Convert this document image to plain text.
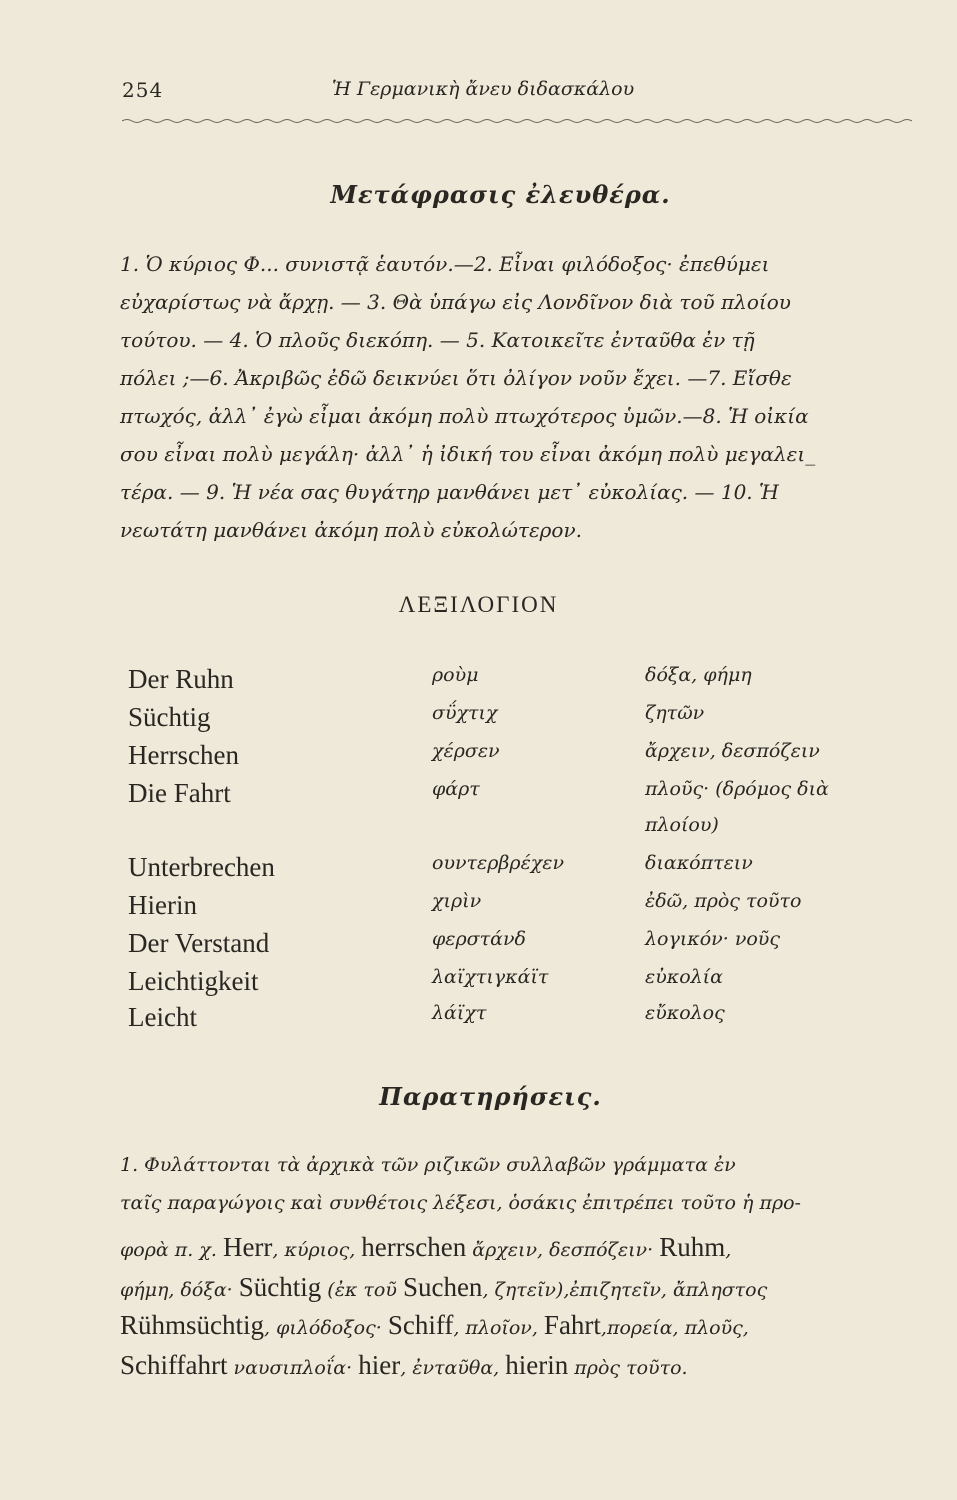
254	Ἡ Γερμανικὴ ἄνευ διδασκάλου
Μετάφρασις ἐλευθέρα.
1. Ὁ κύριος Φ... συνιστᾷ ἑαυτόν.—2. Εἶναι φιλόδοξος· ἐπεθύμει
εὐχαρίστως νὰ ἄρχῃ. — 3. Θὰ ὑπάγω εἰς Λονδῖνον διὰ τοῦ πλοίου
τούτου. — 4. Ὁ πλοῦς διεκόπη. — 5. Κατοικεῖτε ἐνταῦθα ἐν τῇ
πόλει ;—6. Ἀκριβῶς ἐδῶ δεικνύει ὅτι ὀλίγον νοῦν ἔχει. —7. Εἴσθε
πτωχός, ἀλλ᾽ ἐγὼ εἶμαι ἀκόμη πολὺ πτωχότερος ὑμῶν.—8. Ἡ οἰκία
σου εἶναι πολὺ μεγάλη· ἀλλ᾽ ἡ ἰδική του εἶναι ἀκόμη πολὺ μεγαλει_
τέρα. — 9. Ἡ νέα σας θυγάτηρ μανθάνει μετ᾽ εὐκολίας. — 10. Ἡ
νεωτάτη μανθάνει ἀκόμη πολὺ εὐκολώτερον.
ΛΕΞΙΛΟΓΙΟΝ
Der Ruhn	ροὺμ	δόξα, φήμη
Süchtig	σΰχτιχ	ζητῶν
Herrschen	χέρσεν	ἄρχειν, δεσπόζειν
Die Fahrt	φάρτ	πλοῦς· (δρόμος διὰ
πλοίου)
Unterbrechen	ουντερβρέχεν	διακόπτειν
Hierin	χιρὶν	ἐδῶ, πρὸς τοῦτο
Der Verstand	φερστάνδ	λογικόν· νοῦς
Leichtigkeit	λαϊχτιγκάϊτ	εὐκολία
Leicht	λάϊχτ	εὔκολος
Παρατηρήσεις.
1. Φυλάττονται τὰ ἀρχικὰ τῶν ριζικῶν συλλαβῶν γράμματα ἐν
ταῖς παραγώγοις καὶ συνθέτοις λέξεσι, ὁσάκις ἐπιτρέπει τοῦτο ἡ προ-
φορὰ π. χ. Herr, κύριος, herrschen ἄρχειν, δεσπόζειν· Ruhm,
φήμη, δόξα· Süchtig (ἐκ τοῦ Suchen, ζητεῖν),ἐπιζητεῖν, ἄπληστος
Rühmsüchtig, φιλόδοξος· Schiff, πλοῖον, Fahrt,πορεία, πλοῦς,
Schiffahrt ναυσιπλοΐα· hier, ἐνταῦθα, hierin πρὸς τοῦτο.
